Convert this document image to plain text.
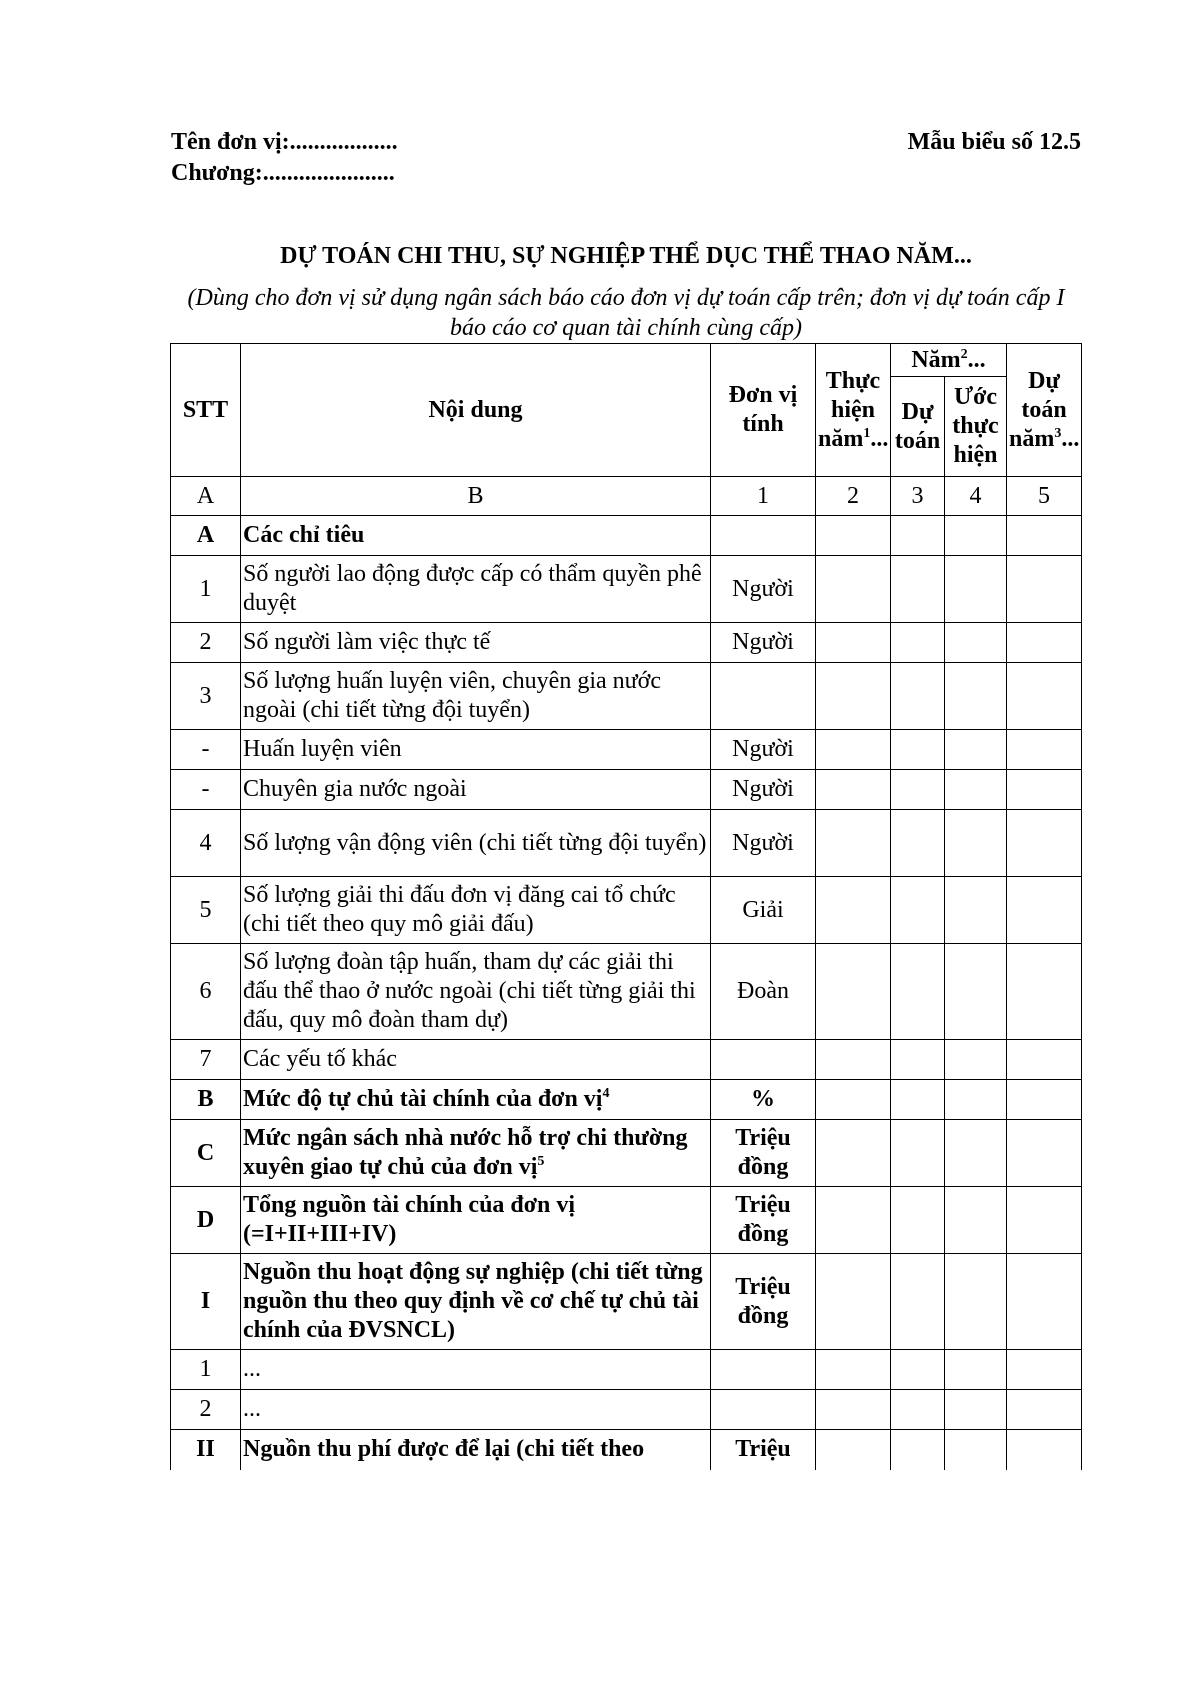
Tên đơn vị:..................
Chương:......................
Mẫu biểu số 12.5
DỰ TOÁN CHI THU, SỰ NGHIỆP THỂ DỤC THỂ THAO NĂM...
(Dùng cho đơn vị sử dụng ngân sách báo cáo đơn vị dự toán cấp trên; đơn vị dự toán cấp I báo cáo cơ quan tài chính cùng cấp)
STT	Nội dung	Đơn vị tính	Thực hiện năm$^1$...	Năm$^2$...		Dự toán năm$^3$...
				Dự toán	Ước thực hiện	
A	B	1	2	3	4	5
A	Các chỉ tiêu					
1	Số người lao động được cấp có thẩm quyền phê duyệt	Người				
2	Số người làm việc thực tế	Người				
3	Số lượng huấn luyện viên, chuyên gia nước ngoài (chi tiết từng đội tuyển)					
-	Huấn luyện viên	Người				
-	Chuyên gia nước ngoài	Người				
4	Số lượng vận động viên (chi tiết từng đội tuyển)	Người				
5	Số lượng giải thi đấu đơn vị đăng cai tổ chức (chi tiết theo quy mô giải đấu)	Giải				
6	Số lượng đoàn tập huấn, tham dự các giải thi đấu thể thao ở nước ngoài (chi tiết từng giải thi đấu, quy mô đoàn tham dự)	Đoàn				
7	Các yếu tố khác					
B	Mức độ tự chủ tài chính của đơn vị$^4$	%				
C	Mức ngân sách nhà nước hỗ trợ chi thường xuyên giao tự chủ của đơn vị$^5$	Triệu đồng				
D	Tổng nguồn tài chính của đơn vị (=I+II+III+IV)	Triệu đồng				
I	Nguồn thu hoạt động sự nghiệp (chi tiết từng nguồn thu theo quy định về cơ chế tự chủ tài chính của ĐVSNCL)	Triệu đồng				
1	...					
2	...					
II	Nguồn thu phí được để lại (chi tiết theo	Triệu				
